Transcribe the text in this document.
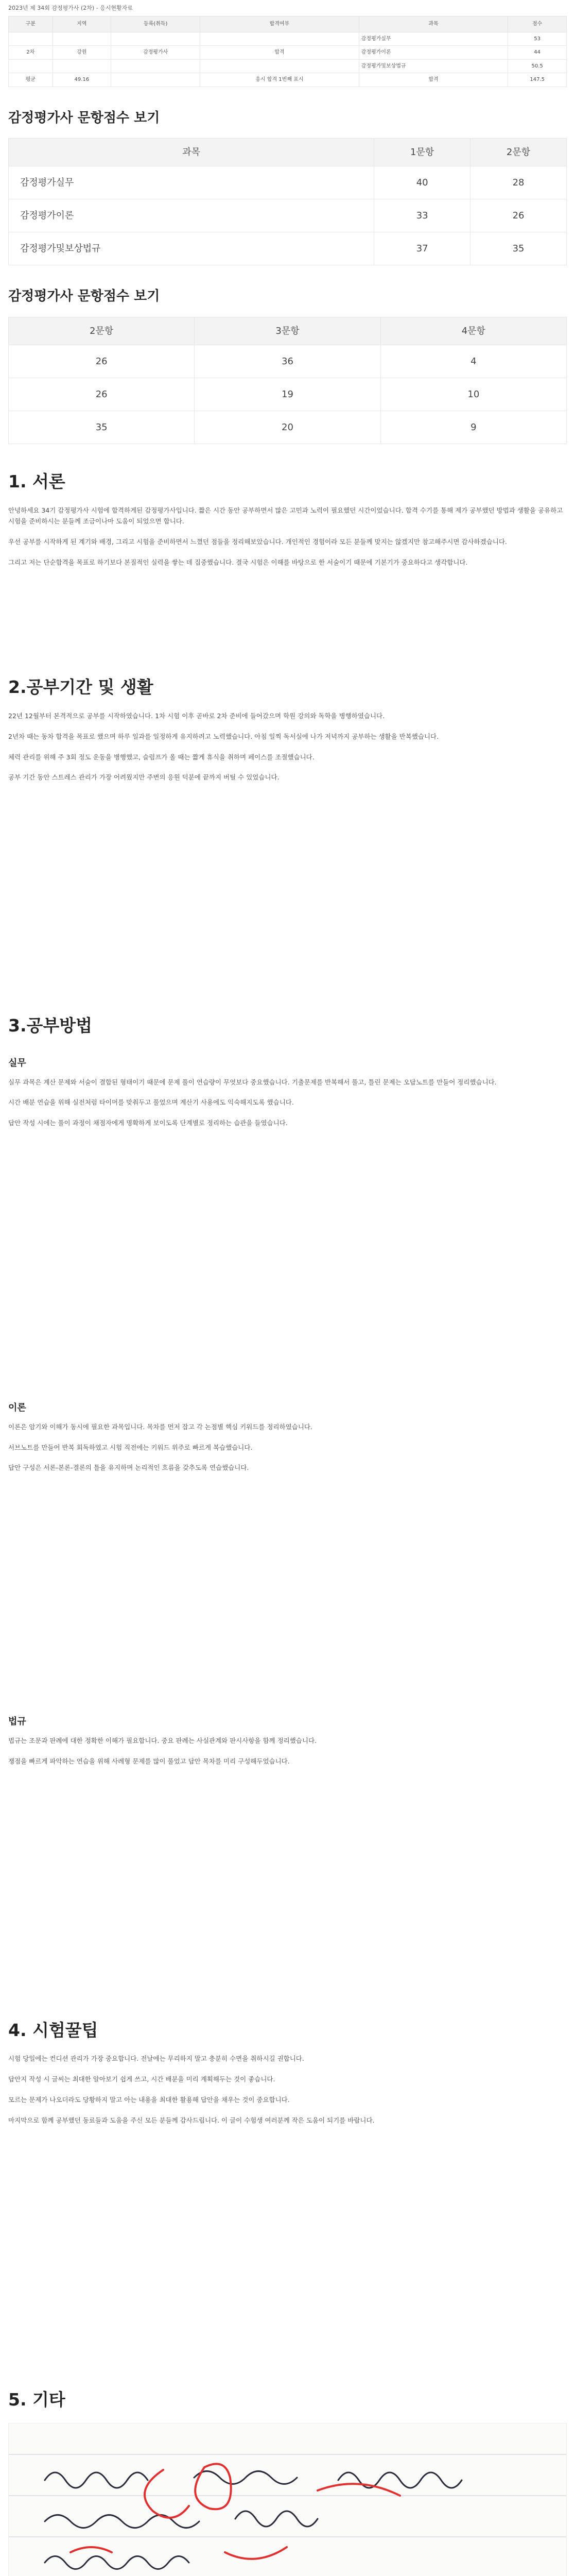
2023년 제 34회 감정평가사 (2차) - 응시현황자료
구분	지역	등록(취득)	합격여부	과목	점수
				감정평가실무	53
2차	강원	감정평가사	합격	감정평가이론	44
				감정평가및보상법규	50.5
평균	49.16		응시 합격 1번째 표시	합격	147.5
감정평가사 문항점수 보기
과목	1문항	2문항
감정평가실무	40	28
감정평가이론	33	26
감정평가및보상법규	37	35
감정평가사 문항점수 보기
2문항	3문항	4문항
26	36	4
26	19	10
35	20	9
1. 서론

안녕하세요 34기 감정평가사 시험에 합격하게된 감정평가사입니다. 짧은 시간 동안 공부하면서 많은 고민과 노력이 필요했던 시간이었습니다. 합격 수기를 통해 제가 공부했던 방법과 생활을 공유하고 시험을 준비하시는 분들께 조금이나마 도움이 되었으면 합니다.

우선 공부를 시작하게 된 계기와 배경, 그리고 시험을 준비하면서 느꼈던 점들을 정리해보았습니다. 개인적인 경험이라 모든 분들께 맞지는 않겠지만 참고해주시면 감사하겠습니다.

그리고 저는 단순합격을 목표로 하기보다 본질적인 실력을 쌓는 데 집중했습니다. 결국 시험은 이해를 바탕으로 한 서술이기 때문에 기본기가 중요하다고 생각합니다.

2.공부기간 및 생활

22년 12월부터 본격적으로 공부를 시작하였습니다. 1차 시험 이후 곧바로 2차 준비에 들어갔으며 학원 강의와 독학을 병행하였습니다.

2년차 때는 동차 합격을 목표로 했으며 하루 일과를 일정하게 유지하려고 노력했습니다. 아침 일찍 독서실에 나가 저녁까지 공부하는 생활을 반복했습니다.

체력 관리를 위해 주 3회 정도 운동을 병행했고, 슬럼프가 올 때는 짧게 휴식을 취하며 페이스를 조절했습니다.

공부 기간 동안 스트레스 관리가 가장 어려웠지만 주변의 응원 덕분에 끝까지 버틸 수 있었습니다.

3.공부방법
실무

실무 과목은 계산 문제와 서술이 결합된 형태이기 때문에 문제 풀이 연습량이 무엇보다 중요했습니다. 기출문제를 반복해서 풀고, 틀린 문제는 오답노트를 만들어 정리했습니다.

시간 배분 연습을 위해 실전처럼 타이머를 맞춰두고 풀었으며 계산기 사용에도 익숙해지도록 했습니다.

답안 작성 시에는 풀이 과정이 채점자에게 명확하게 보이도록 단계별로 정리하는 습관을 들였습니다.

이론

이론은 암기와 이해가 동시에 필요한 과목입니다. 목차를 먼저 잡고 각 논점별 핵심 키워드를 정리하였습니다.

서브노트를 만들어 반복 회독하였고 시험 직전에는 키워드 위주로 빠르게 복습했습니다.

답안 구성은 서론-본론-결론의 틀을 유지하며 논리적인 흐름을 갖추도록 연습했습니다.

법규

법규는 조문과 판례에 대한 정확한 이해가 필요합니다. 중요 판례는 사실관계와 판시사항을 함께 정리했습니다.

쟁점을 빠르게 파악하는 연습을 위해 사례형 문제를 많이 풀었고 답안 목차를 미리 구성해두었습니다.

4. 시험꿀팁

시험 당일에는 컨디션 관리가 가장 중요합니다. 전날에는 무리하지 말고 충분히 수면을 취하시길 권합니다.

답안지 작성 시 글씨는 최대한 알아보기 쉽게 쓰고, 시간 배분을 미리 계획해두는 것이 좋습니다.

모르는 문제가 나오더라도 당황하지 말고 아는 내용을 최대한 활용해 답안을 채우는 것이 중요합니다.

마지막으로 함께 공부했던 동료들과 도움을 주신 모든 분들께 감사드립니다. 이 글이 수험생 여러분께 작은 도움이 되기를 바랍니다.

5. 기타
